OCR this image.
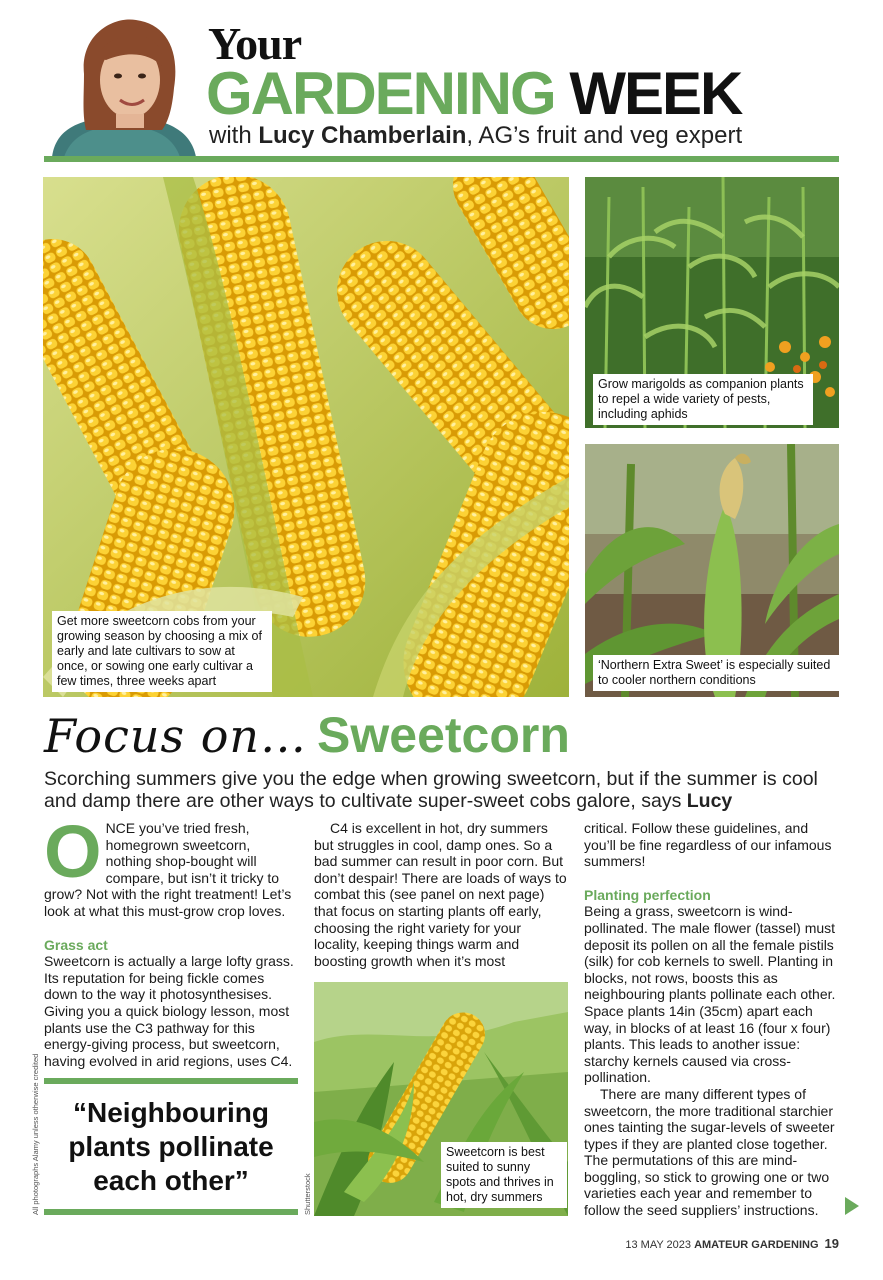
Your
GARDENING WEEK
with Lucy Chamberlain, AG’s fruit and veg expert
Get more sweetcorn cobs from your growing season by choosing a mix of early and late cultivars to sow at once, or sowing one early cultivar a few times, three weeks apart
Grow marigolds as companion plants to repel a wide variety of pests, including aphids
‘Northern Extra Sweet’ is especially suited to cooler northern conditions
Focus on… Sweetcorn
Scorching summers give you the edge when growing sweetcorn, but if the summer is cool and damp there are other ways to cultivate super-sweet cobs galore, says Lucy
O NCE you’ve tried fresh, homegrown sweetcorn, nothing shop-bought will compare, but isn’t it tricky to grow? Not with the right treatment! Let’s look at what this must-grow crop loves.

Grass act

Sweetcorn is actually a large lofty grass. Its reputation for being fickle comes down to the way it photosynthesises. Giving you a quick biology lesson, most plants use the C3 pathway for this energy-giving process, but sweetcorn, having evolved in arid regions, uses C4.

“Neighbouring plants pollinate each other”
All photographs Alamy unless otherwise credited

C4 is excellent in hot, dry summers but struggles in cool, damp ones. So a bad summer can result in poor corn. But don’t despair! There are loads of ways to combat this (see panel on next page) that focus on starting plants off early, choosing the right variety for your locality, keeping things warm and boosting growth when it’s most

Sweetcorn is best suited to sunny spots and thrives in hot, dry summers
Shutterstock

critical. Follow these guidelines, and you’ll be fine regardless of our infamous summers!

Planting perfection

Being a grass, sweetcorn is wind-pollinated. The male flower (tassel) must deposit its pollen on all the female pistils (silk) for cob kernels to swell. Planting in blocks, not rows, boosts this as neighbouring plants pollinate each other. Space plants 14in (35cm) apart each way, in blocks of at least 16 (four x four) plants. This leads to another issue: starchy kernels caused via cross-pollination.

There are many different types of sweetcorn, the more traditional starchier ones tainting the sugar-levels of sweeter types if they are planted close together. The permutations of this are mind-boggling, so stick to growing one or two varieties each year and remember to follow the seed suppliers’ instructions.

13 MAY 2023 AMATEUR GARDENING 19
